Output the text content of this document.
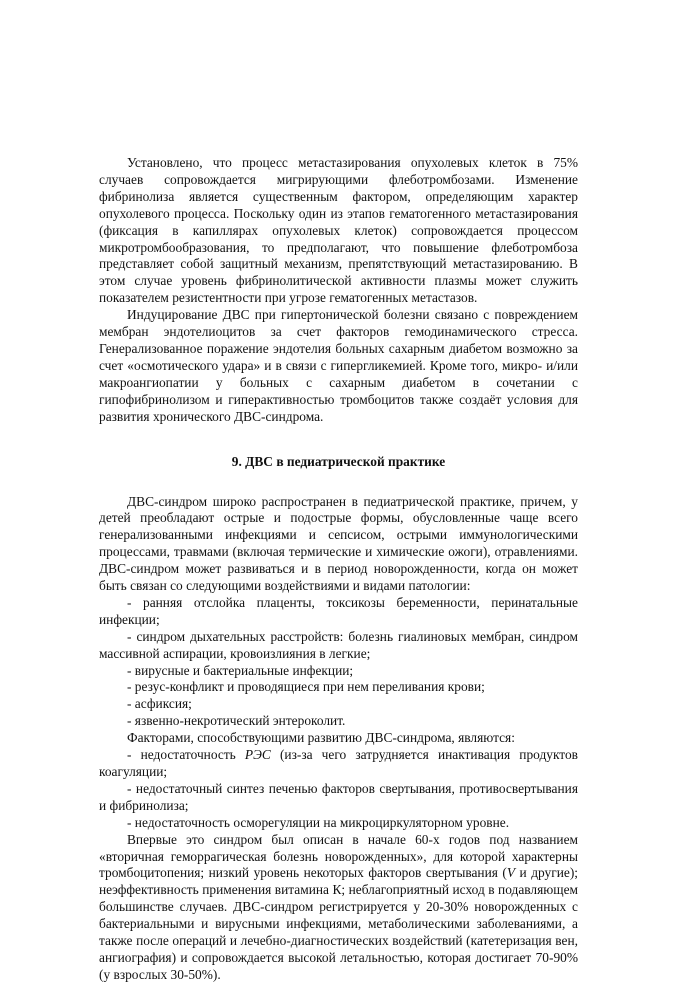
Установлено, что процесс метастазирования опухолевых клеток в 75% случаев сопровождается мигрирующими флеботромбозами. Изменение фибринолиза является существенным фактором, определяющим характер опухолевого процесса. Поскольку один из этапов гематогенного метастазирования (фиксация в капиллярах опухолевых клеток) сопровождается процессом микротромбообразования, то предполагают, что повышение флеботромбоза представляет собой защитный механизм, препятствующий метастазированию. В этом случае уровень фибринолитической активности плазмы может служить показателем резистентности при угрозе гематогенных метастазов.

Индуцирование ДВС при гипертонической болезни связано с повреждением мембран эндотелиоцитов за счет факторов гемодинамического стресса. Генерализованное поражение эндотелия больных сахарным диабетом возможно за счет «осмотического удара» и в связи с гипергликемией. Кроме того, микро- и/или макроангиопатии у больных с сахарным диабетом в сочетании с гипофибринолизом и гиперактивностью тромбоцитов также создаёт условия для развития хронического ДВС-синдрома.

9. ДВС в педиатрической практике

ДВС-синдром широко распространен в педиатрической практике, причем, у детей преобладают острые и подострые формы, обусловленные чаще всего генерализованными инфекциями и сепсисом, острыми иммунологическими процессами, травмами (включая термические и химические ожоги), отравлениями. ДВС-синдром может развиваться и в период новорожденности, когда он может быть связан со следующими воздействиями и видами патологии:

- ранняя отслойка плаценты, токсикозы беременности, перинатальные инфекции;
- синдром дыхательных расстройств: болезнь гиалиновых мембран, синдром массивной аспирации, кровоизлияния в легкие;
- вирусные и бактериальные инфекции;
- резус-конфликт и проводящиеся при нем переливания крови;
- асфиксия;
- язвенно-некротический энтероколит.

Факторами, способствующими развитию ДВС-синдрома, являются:

- недостаточность РЭС (из-за чего затрудняется инактивация продуктов коагуляции;
- недостаточный синтез печенью факторов свертывания, противосвертывания и фибринолиза;
- недостаточность осморегуляции на микроциркуляторном уровне.

Впервые это синдром был описан в начале 60-х годов под названием «вторичная геморрагическая болезнь новорожденных», для которой характерны тромбоцитопения; низкий уровень некоторых факторов свертывания (V и другие); неэффективность применения витамина К; неблагоприятный исход в подавляющем большинстве случаев. ДВС-синдром регистрируется у 20-30% новорожденных с бактериальными и вирусными инфекциями, метаболическими заболеваниями, а также после операций и лечебно-диагностических воздействий (катетеризация вен, ангиография) и сопровождается высокой летальностью, которая достигает 70-90% (у взрослых 30-50%).
